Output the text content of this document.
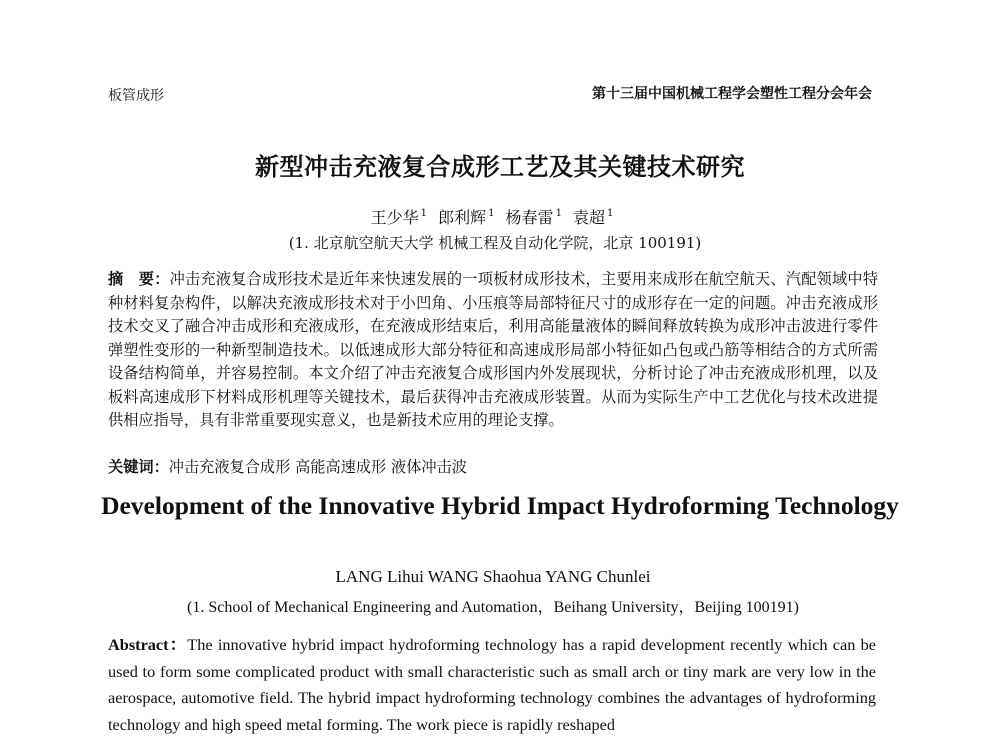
板管成形	第十三届中国机械工程学会塑性工程分会年会
新型冲击充液复合成形工艺及其关键技术研究
王少华 $^1$ 郎利辉 $^1$ 杨春雷 $^1$ 袁超 $^1$
(1. 北京航空航天大学 机械工程及自动化学院，北京 100191)
摘　要：冲击充液复合成形技术是近年来快速发展的一项板材成形技术，主要用来成形在航空航天、汽配领域中特种材料复杂构件，以解决充液成形技术对于小凹角、小压痕等局部特征尺寸的成形存在一定的问题。冲击充液成形技术交叉了融合冲击成形和充液成形，在充液成形结束后，利用高能量液体的瞬间释放转换为成形冲击波进行零件弹塑性变形的一种新型制造技术。以低速成形大部分特征和高速成形局部小特征如凸包或凸筋等相结合的方式所需设备结构简单，并容易控制。本文介绍了冲击充液复合成形国内外发展现状，分析讨论了冲击充液成形机理，以及板料高速成形下材料成形机理等关键技术，最后获得冲击充液成形装置。从而为实际生产中工艺优化与技术改进提供相应指导，具有非常重要现实意义，也是新技术应用的理论支撑。
关键词：冲击充液复合成形 高能高速成形 液体冲击波
Development of the Innovative Hybrid Impact Hydroforming Technology
LANG Lihui WANG Shaohua YANG Chunlei
(1. School of Mechanical Engineering and Automation，Beihang University，Beijing 100191)
Abstract：The innovative hybrid impact hydroforming technology has a rapid development recently which can be used to form some complicated product with small characteristic such as small arch or tiny mark are very low in the aerospace, automotive field. The hybrid impact hydroforming technology combines the advantages of hydroforming technology and high speed metal forming. The work piece is rapidly reshaped
